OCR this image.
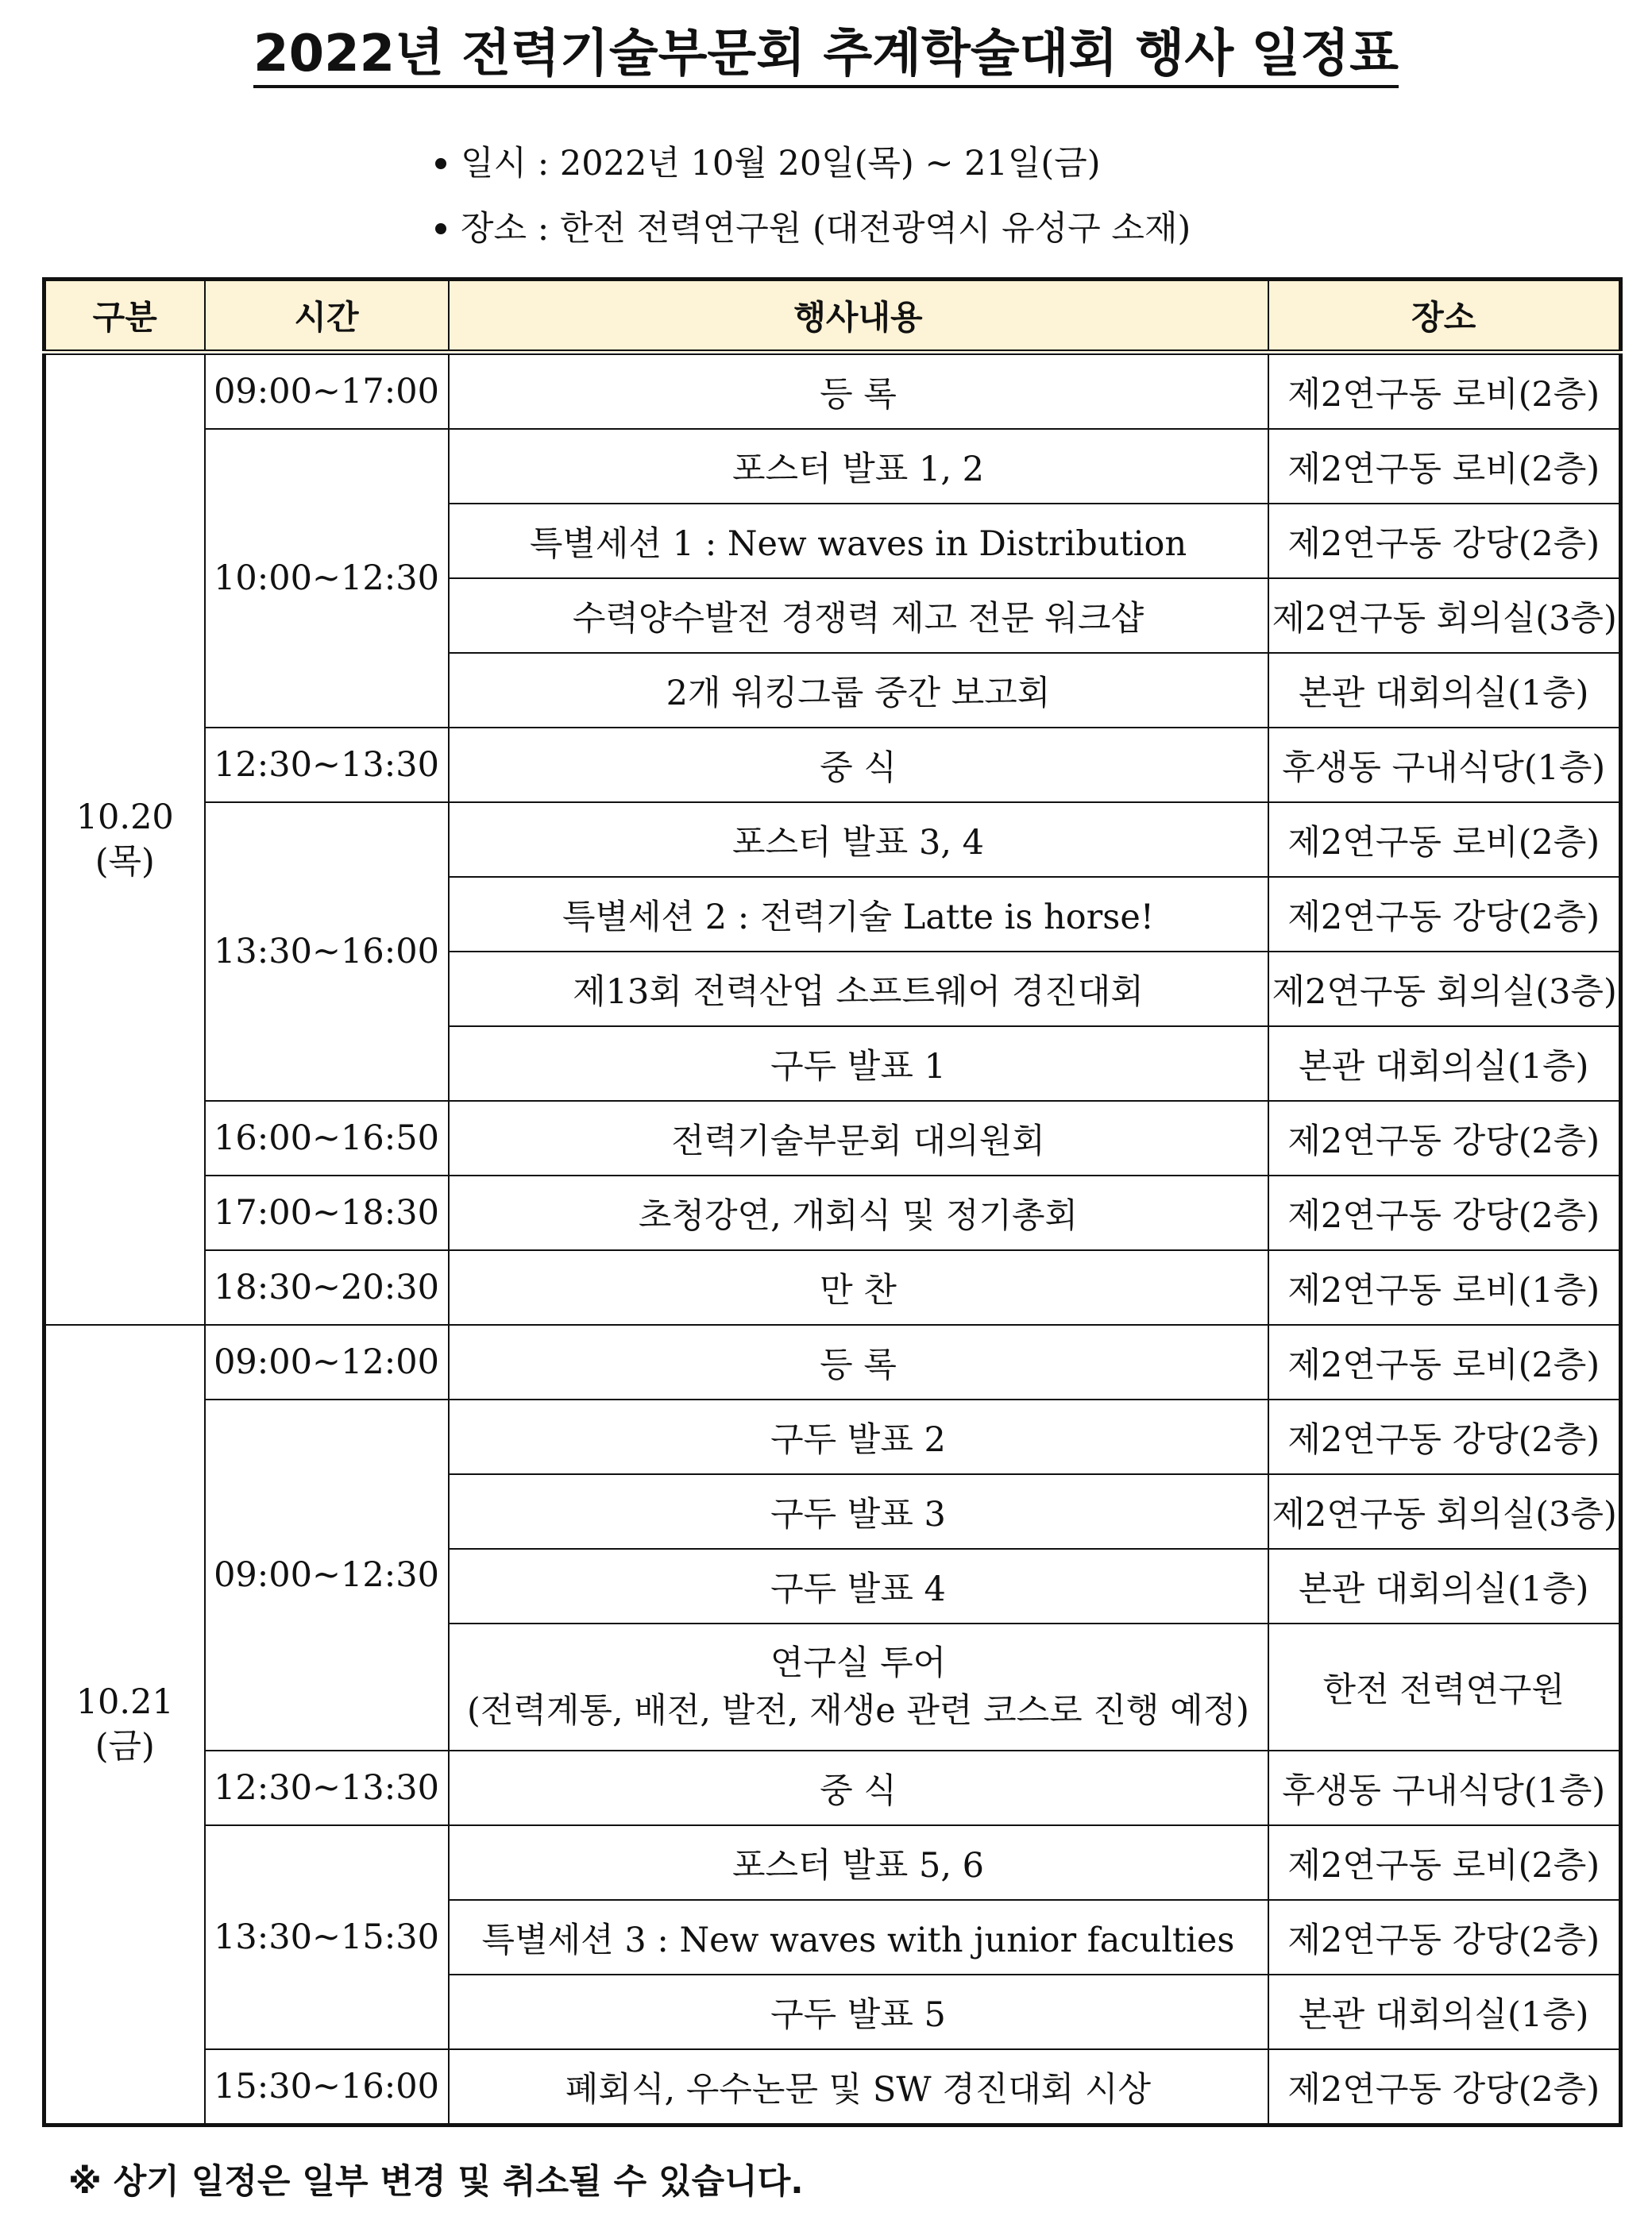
2022년 전력기술부문회 추계학술대회 행사 일정표
일시 : 2022년 10월 20일(목) ~ 21일(금)
장소 : 한전 전력연구원 (대전광역시 유성구 소재)
구분	시간	행사내용	장소

10.20
(목)	09:00~17:00	등 록	제2연구동 로비(2층)
	10:00~12:30	포스터 발표 1, 2	제2연구동 로비(2층)
		특별세션 1 : New waves in Distribution	제2연구동 강당(2층)
		수력양수발전 경쟁력 제고 전문 워크샵	제2연구동 회의실(3층)
		2개 워킹그룹 중간 보고회	본관 대회의실(1층)
	12:30~13:30	중 식	후생동 구내식당(1층)
	13:30~16:00	포스터 발표 3, 4	제2연구동 로비(2층)
		특별세션 2 : 전력기술 Latte is horse!	제2연구동 강당(2층)
		제13회 전력산업 소프트웨어 경진대회	제2연구동 회의실(3층)
		구두 발표 1	본관 대회의실(1층)
	16:00~16:50	전력기술부문회 대의원회	제2연구동 강당(2층)
	17:00~18:30	초청강연, 개회식 및 정기총회	제2연구동 강당(2층)
	18:30~20:30	만 찬	제2연구동 로비(1층)

10.21
(금)	09:00~12:00	등 록	제2연구동 로비(2층)
	09:00~12:30	구두 발표 2	제2연구동 강당(2층)
		구두 발표 3	제2연구동 회의실(3층)
		구두 발표 4	본관 대회의실(1층)

		연구실 투어
(전력계통, 배전, 발전, 재생e 관련 코스로 진행 예정)	한전 전력연구원
	12:30~13:30	중 식	후생동 구내식당(1층)
	13:30~15:30	포스터 발표 5, 6	제2연구동 로비(2층)
		특별세션 3 : New waves with junior faculties	제2연구동 강당(2층)
		구두 발표 5	본관 대회의실(1층)
	15:30~16:00	폐회식, 우수논문 및 SW 경진대회 시상	제2연구동 강당(2층)
※ 상기 일정은 일부 변경 및 취소될 수 있습니다.
